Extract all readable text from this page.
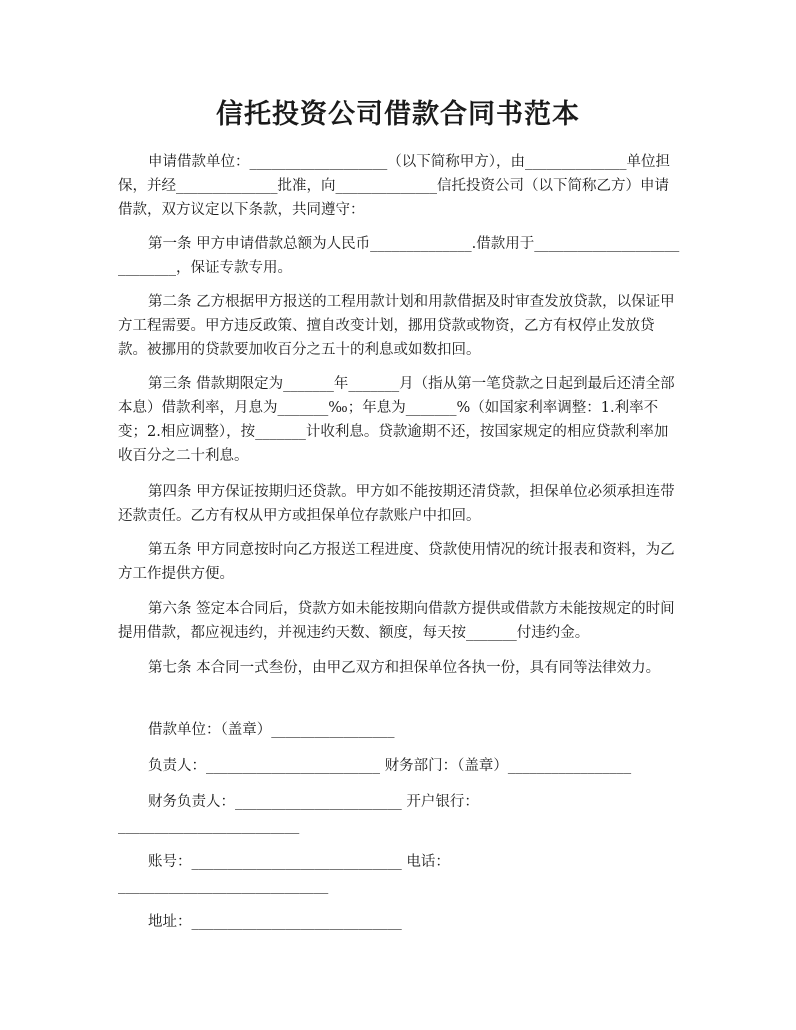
信托投资公司借款合同书范本
申请借款单位：___________________（以下简称甲方），由______________单位担保，并经______________批准，向______________信托投资公司（以下简称乙方）申请借款，双方议定以下条款，共同遵守：
第一条 甲方申请借款总额为人民币______________.借款用于____________________________，保证专款专用。
第二条 乙方根据甲方报送的工程用款计划和用款借据及时审查发放贷款，以保证甲方工程需要。甲方违反政策、擅自改变计划，挪用贷款或物资，乙方有权停止发放贷款。被挪用的贷款要加收百分之五十的利息或如数扣回。
第三条 借款期限定为_______年_______月（指从第一笔贷款之日起到最后还清全部本息）借款利率，月息为_______‰；年息为_______%（如国家利率调整：1.利率不变；2.相应调整），按_______计收利息。贷款逾期不还，按国家规定的相应贷款利率加收百分之二十利息。
第四条 甲方保证按期归还贷款。甲方如不能按期还清贷款，担保单位必须承担连带还款责任。乙方有权从甲方或担保单位存款账户中扣回。
第五条 甲方同意按时向乙方报送工程进度、贷款使用情况的统计报表和资料，为乙方工作提供方便。
第六条 签定本合同后，贷款方如未能按期向借款方提供或借款方未能按规定的时间提用借款，都应视违约，并视违约天数、额度，每天按_______付违约金。
第七条 本合同一式叁份，由甲乙双方和担保单位各执一份，具有同等法律效力。
借款单位：（盖章）_________________
负责人：________________________ 财务部门：（盖章）_________________
财务负责人：_______________________ 开户银行：
_________________________
账号：_____________________________ 电话：
_____________________________
地址：_____________________________
